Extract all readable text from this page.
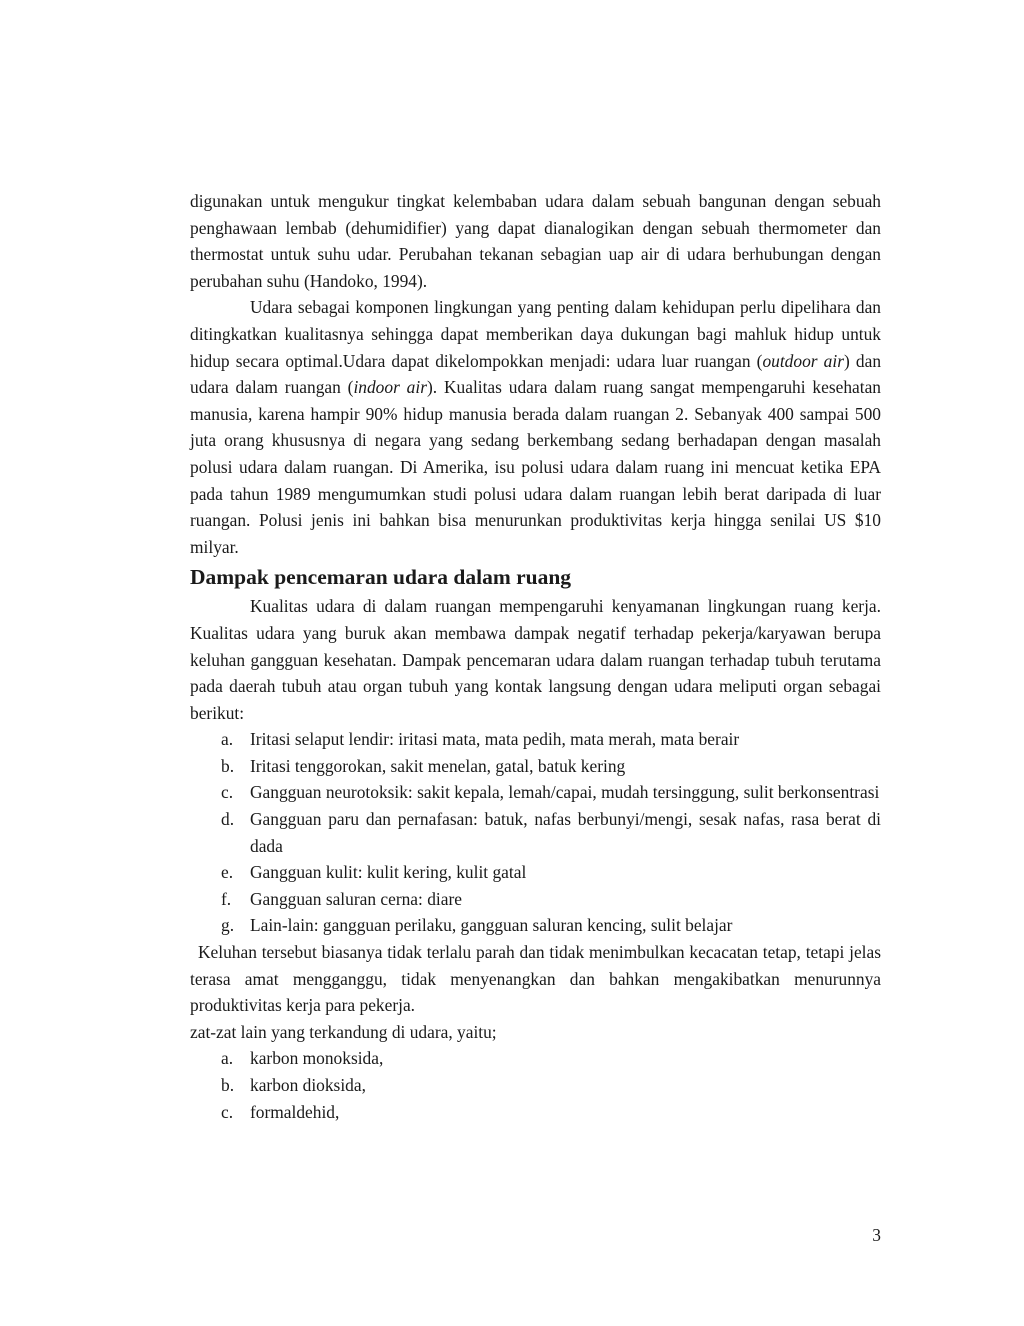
digunakan untuk mengukur tingkat kelembaban udara dalam sebuah bangunan dengan sebuah penghawaan lembab (dehumidifier) yang dapat dianalogikan dengan sebuah thermometer dan thermostat untuk suhu udar. Perubahan tekanan sebagian uap air di udara berhubungan dengan perubahan suhu (Handoko, 1994).

Udara sebagai komponen lingkungan yang penting dalam kehidupan perlu dipelihara dan ditingkatkan kualitasnya sehingga dapat memberikan daya dukungan bagi mahluk hidup untuk hidup secara optimal.Udara dapat dikelompokkan menjadi: udara luar ruangan (outdoor air) dan udara dalam ruangan (indoor air). Kualitas udara dalam ruang sangat mempengaruhi kesehatan manusia, karena hampir 90% hidup manusia berada dalam ruangan 2. Sebanyak 400 sampai 500 juta orang khususnya di negara yang sedang berkembang sedang berhadapan dengan masalah polusi udara dalam ruangan. Di Amerika, isu polusi udara dalam ruang ini mencuat ketika EPA pada tahun 1989 mengumumkan studi polusi udara dalam ruangan lebih berat daripada di luar ruangan. Polusi jenis ini bahkan bisa menurunkan produktivitas kerja hingga senilai US $10 milyar.

Dampak pencemaran udara dalam ruang

Kualitas udara di dalam ruangan mempengaruhi kenyamanan lingkungan ruang kerja. Kualitas udara yang buruk akan membawa dampak negatif terhadap pekerja/karyawan berupa keluhan gangguan kesehatan. Dampak pencemaran udara dalam ruangan terhadap tubuh terutama pada daerah tubuh atau organ tubuh yang kontak langsung dengan udara meliputi organ sebagai berikut:

a. Iritasi selaput lendir: iritasi mata, mata pedih, mata merah, mata berair
b. Iritasi tenggorokan, sakit menelan, gatal, batuk kering
c. Gangguan neurotoksik: sakit kepala, lemah/capai, mudah tersinggung, sulit berkonsentrasi
d. Gangguan paru dan pernafasan: batuk, nafas berbunyi/mengi, sesak nafas, rasa berat di dada
e. Gangguan kulit: kulit kering, kulit gatal
f.	Gangguan saluran cerna: diare
g. Lain-lain: gangguan perilaku, gangguan saluran kencing, sulit belajar

Keluhan tersebut biasanya tidak terlalu parah dan tidak menimbulkan kecacatan tetap, tetapi jelas terasa amat mengganggu, tidak menyenangkan dan bahkan mengakibatkan menurunnya produktivitas kerja para pekerja.

zat-zat lain yang terkandung di udara, yaitu;

a. karbon monoksida,
b. karbon dioksida,
c. formaldehid,
3
